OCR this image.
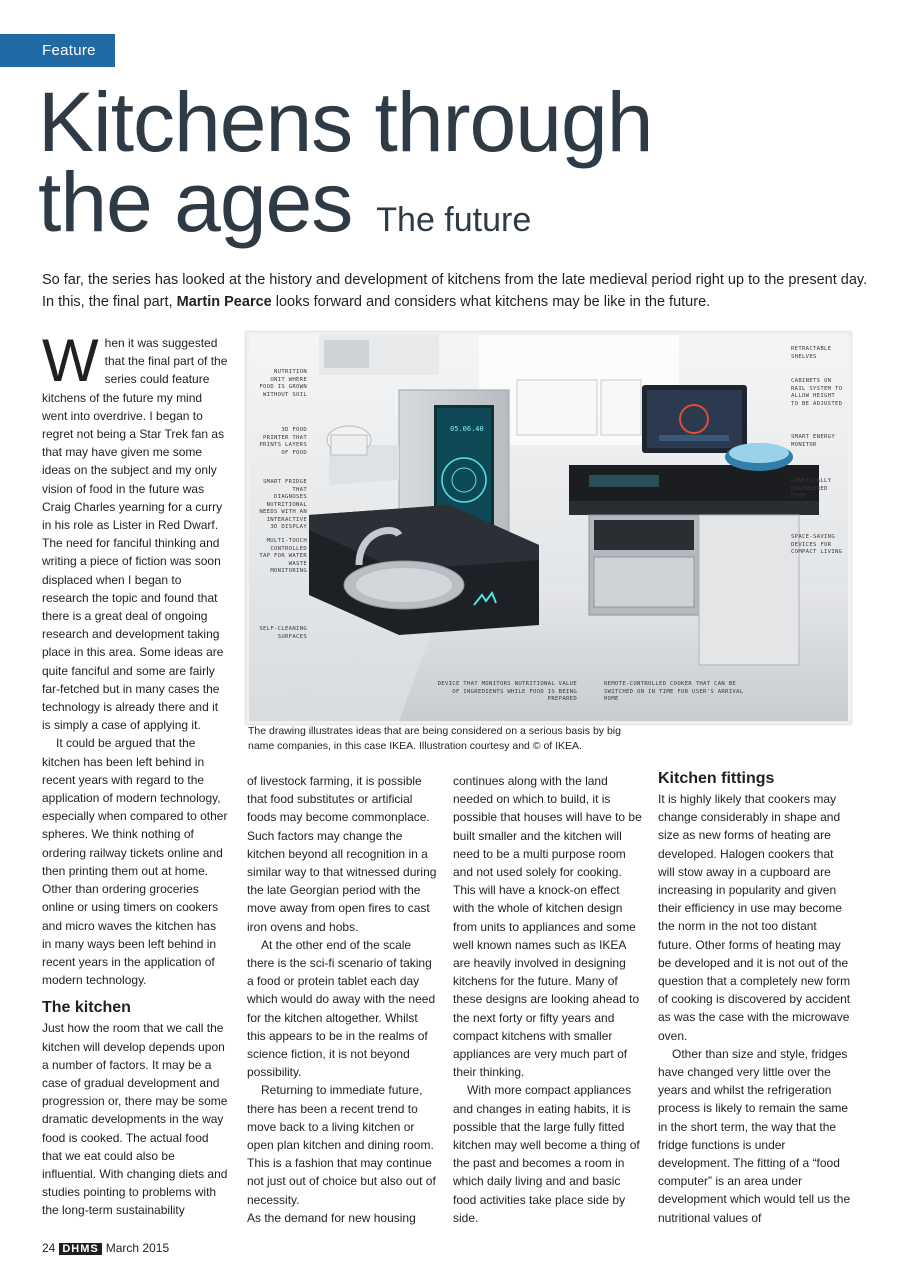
Feature
Kitchens through
the ages The future
So far, the series has looked at the history and development of kitchens from the late medieval period right up to the present day. In this, the final part, Martin Pearce looks forward and considers what kitchens may be like in the future.

When it was suggested that the final part of the series could feature kitchens of the future my mind went into overdrive. I began to regret not being a Star Trek fan as that may have given me some ideas on the subject and my only vision of food in the future was Craig Charles yearning for a curry in his role as Lister in Red Dwarf. The need for fanciful thinking and writing a piece of fiction was soon displaced when I began to research the topic and found that there is a great deal of ongoing research and development taking place in this area. Some ideas are quite fanciful and some are fairly far-fetched but in many cases the technology is already there and it is simply a case of applying it.

It could be argued that the kitchen has been left behind in recent years with regard to the application of modern technology, especially when compared to other spheres. We think nothing of ordering railway tickets online and then printing them out at home. Other than ordering groceries online or using timers on cookers and micro waves the kitchen has in many ways been left behind in recent years in the application of modern technology.

The kitchen

Just how the room that we call the kitchen will develop depends upon a number of factors. It may be a case of gradual development and progression or, there may be some dramatic developments in the way food is cooked. The actual food that we eat could also be influential. With changing diets and studies pointing to problems with the long-term sustainability

05.06.40
NUTRITION UNIT WHERE FOOD IS GROWN WITHOUT SOIL
3D FOOD PRINTER THAT PRINTS LAYERS OF FOOD
SMART FRIDGE THAT DIAGNOSES NUTRITIONAL NEEDS WITH AN INTERACTIVE 3D DISPLAY
MULTI-TOUCH CONTROLLED TAP FOR WATER WASTE MONITORING
SELF-CLEANING SURFACES
RETRACTABLE SHELVES
CABINETS ON RAIL SYSTEM TO ALLOW HEIGHT TO BE ADJUSTED
SMART ENERGY MONITOR
GENETICALLY ENGINEERED FOOD
SPACE-SAVING DEVICES FOR COMPACT LIVING
DEVICE THAT MONITORS NUTRITIONAL VALUE OF INGREDIENTS WHILE FOOD IS BEING PREPARED
REMOTE-CONTROLLED COOKER THAT CAN BE SWITCHED ON IN TIME FOR USER'S ARRIVAL HOME
The drawing illustrates ideas that are being considered on a serious basis by big name companies, in this case IKEA. Illustration courtesy and © of IKEA.

of livestock farming, it is possible that food substitutes or artificial foods may become commonplace. Such factors may change the kitchen beyond all recognition in a similar way to that witnessed during the late Georgian period with the move away from open fires to cast iron ovens and hobs.

At the other end of the scale there is the sci-fi scenario of taking a food or protein tablet each day which would do away with the need for the kitchen altogether. Whilst this appears to be in the realms of science fiction, it is not beyond possibility.

Returning to immediate future, there has been a recent trend to move back to a living kitchen or open plan kitchen and dining room. This is a fashion that may continue not just out of choice but also out of necessity.

As the demand for new housing

continues along with the land needed on which to build, it is possible that houses will have to be built smaller and the kitchen will need to be a multi purpose room and not used solely for cooking. This will have a knock-on effect with the whole of kitchen design from units to appliances and some well known names such as IKEA are heavily involved in designing kitchens for the future. Many of these designs are looking ahead to the next forty or fifty years and compact kitchens with smaller appliances are very much part of their thinking.

With more compact appliances and changes in eating habits, it is possible that the large fully fitted kitchen may well become a thing of the past and becomes a room in which daily living and and basic food activities take place side by side.

Kitchen fittings

It is highly likely that cookers may change considerably in shape and size as new forms of heating are developed. Halogen cookers that will stow away in a cupboard are increasing in popularity and given their efficiency in use may become the norm in the not too distant future. Other forms of heating may be developed and it is not out of the question that a completely new form of cooking is discovered by accident as was the case with the microwave oven.

Other than size and style, fridges have changed very little over the years and whilst the refrigeration process is likely to remain the same in the short term, the way that the fridge functions is under development. The fitting of a “food computer” is an area under development which would tell us the nutritional values of

24 DHMS March 2015
